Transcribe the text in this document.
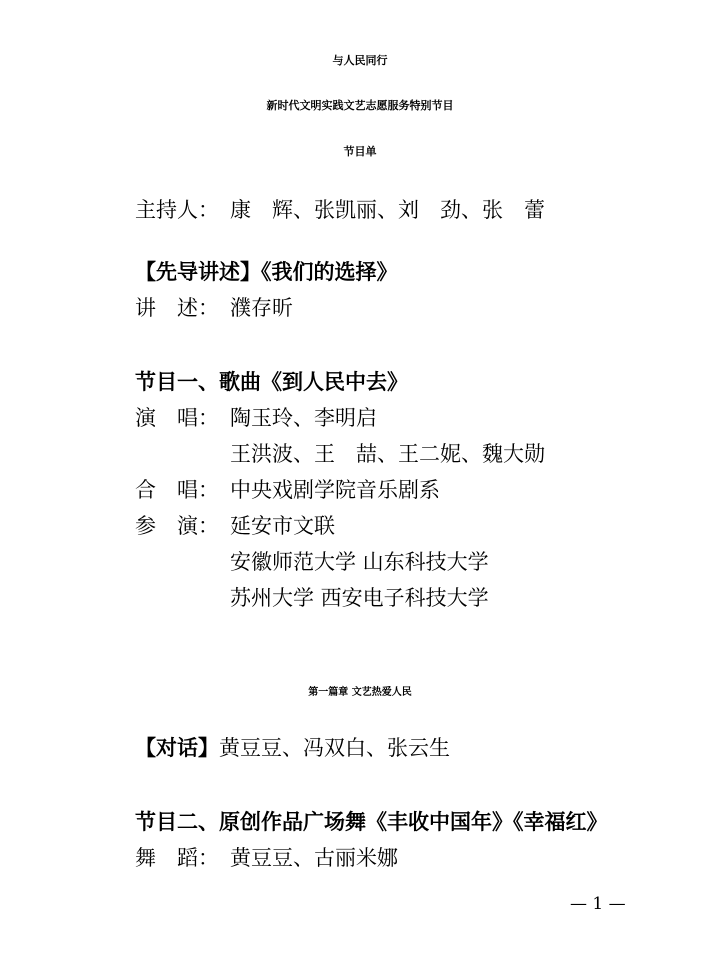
与人民同行
新时代文明实践文艺志愿服务特别节目
节目单
主持人： 康　辉、张凯丽、刘　劲、张　蕾
【先导讲述】《我们的选择》
讲　述： 濮存昕
节目一、歌曲《到人民中去》
演　唱： 陶玉玲、李明启
王洪波、王　喆、王二妮、魏大勋
合　唱： 中央戏剧学院音乐剧系
参　演： 延安市文联
安徽师范大学 山东科技大学
苏州大学 西安电子科技大学
第一篇章 文艺热爱人民
【对话】黄豆豆、冯双白、张云生
节目二、原创作品广场舞《丰收中国年》《幸福红》
舞　蹈： 黄豆豆、古丽米娜
— 1 —
